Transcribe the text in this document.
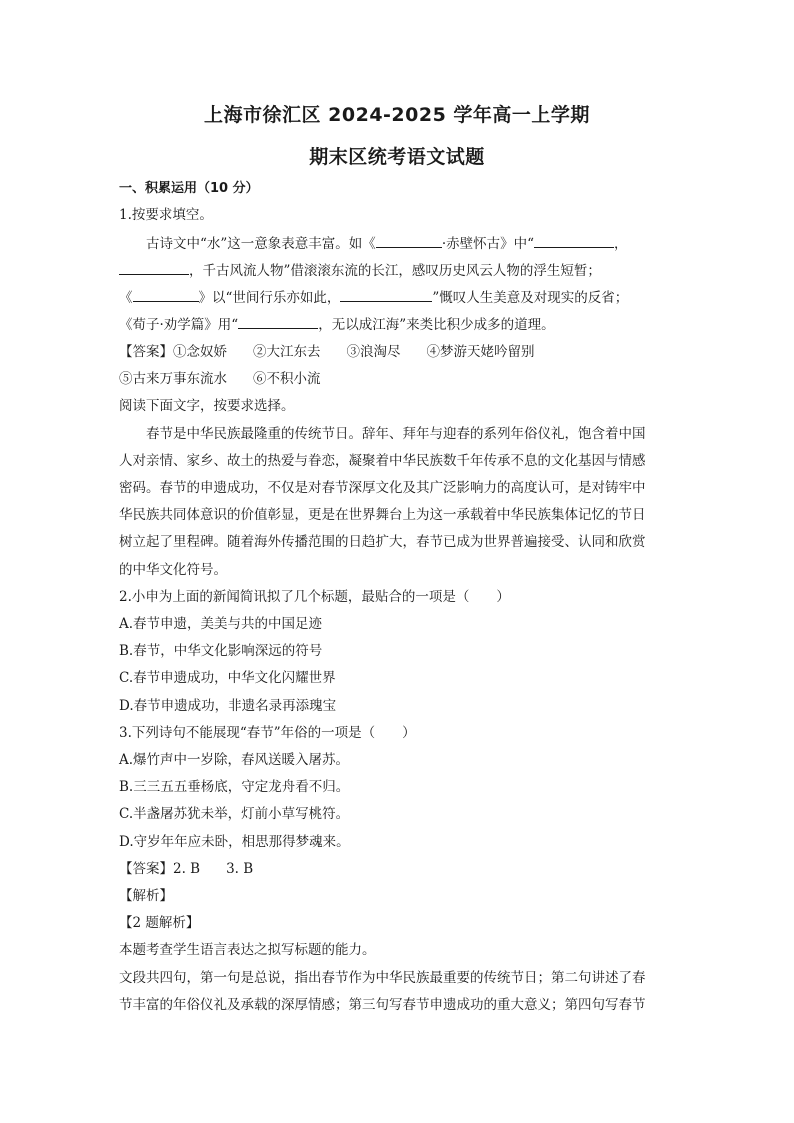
上海市徐汇区 2024-2025 学年高一上学期
期末区统考语文试题
一、积累运用（10 分）
1.按要求填空。
古诗文中“水”这一意象表意丰富。如《	·赤壁怀古》中“	，
，千古风流人物”借滚滚东流的长江，感叹历史风云人物的浮生短暂；
《	》以“世间行乐亦如此，	”慨叹人生美意及对现实的反省；
《荀子·劝学篇》用“	，无以成江海”来类比积少成多的道理。
【答案】①念奴娇 ②大江东去 ③浪淘尽 ④梦游天姥吟留别
⑤古来万事东流水 ⑥不积小流
阅读下面文字，按要求选择。
春节是中华民族最隆重的传统节日。辞年、拜年与迎春的系列年俗仪礼，饱含着中国
人对亲情、家乡、故土的热爱与眷恋，凝聚着中华民族数千年传承不息的文化基因与情感
密码。春节的申遗成功，不仅是对春节深厚文化及其广泛影响力的高度认可，是对铸牢中
华民族共同体意识的价值彰显，更是在世界舞台上为这一承载着中华民族集体记忆的节日
树立起了里程碑。随着海外传播范围的日趋扩大，春节已成为世界普遍接受、认同和欣赏
的中华文化符号。
2.小申为上面的新闻简讯拟了几个标题，最贴合的一项是（　　）
A.春节申遗，美美与共的中国足迹
B.春节，中华文化影响深远的符号
C.春节申遗成功，中华文化闪耀世界
D.春节申遗成功，非遗名录再添瑰宝
3.下列诗句不能展现“春节”年俗的一项是（　　）
A.爆竹声中一岁除，春风送暖入屠苏。
B.三三五五垂杨底，守定龙舟看不归。
C.半盏屠苏犹未举，灯前小草写桃符。
D.守岁年年应未卧，相思那得梦魂来。
【答案】2. B 3. B
【解析】
【2 题解析】
本题考查学生语言表达之拟写标题的能力。
文段共四句，第一句是总说，指出春节作为中华民族最重要的传统节日；第二句讲述了春
节丰富的年俗仪礼及承载的深厚情感；第三句写春节申遗成功的重大意义；第四句写春节
